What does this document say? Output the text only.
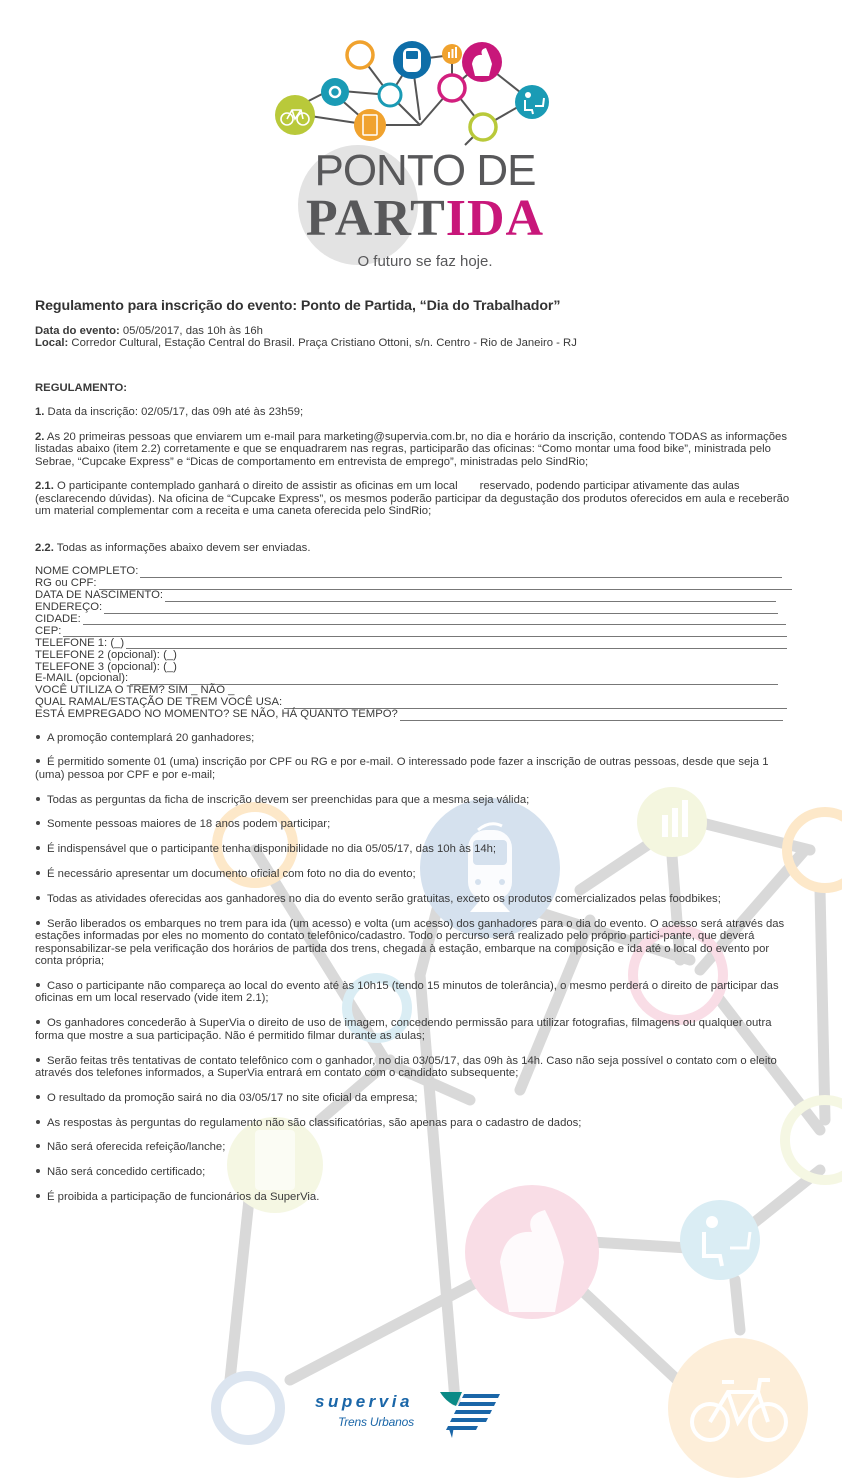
PONTO DE
PARTIDA
O futuro se faz hoje.
Regulamento para inscrição do evento: Ponto de Partida, “Dia do Trabalhador”
Data do evento: 05/05/2017, das 10h às 16h
Local: Corredor Cultural, Estação Central do Brasil. Praça Cristiano Ottoni, s/n. Centro - Rio de Janeiro - RJ
REGULAMENTO:

1. Data da inscrição: 02/05/17, das 09h até às 23h59;

2. As 20 primeiras pessoas que enviarem um e-mail para marketing@supervia.com.br, no dia e horário da inscrição, contendo TODAS as informações listadas abaixo (item 2.2) corretamente e que se enquadrarem nas regras, participarão das oficinas: “Como montar uma food bike”, ministrada pelo Sebrae, “Cupcake Express” e “Dicas de comportamento em entrevista de emprego”, ministradas pelo SindRio;

2.1. O participante contemplado ganhará o direito de assistir as oficinas em um local       reservado, podendo participar ativamente das aulas (esclarecendo dúvidas). Na oficina de “Cupcake Express”, os mesmos poderão participar da degustação dos produtos oferecidos em aula e receberão um material complementar com a receita e uma caneta oferecida pelo SindRio;

2.2. Todas as informações abaixo devem ser enviadas.

NOME COMPLETO:
RG ou CPF:
DATA DE NASCIMENTO:
ENDEREÇO:
CIDADE:
CEP:
TELEFONE 1: (_)
TELEFONE 2 (opcional): (_)
TELEFONE 3 (opcional): (_)
E-MAIL (opcional):
VOCÊ UTILIZA O TREM? SIM _ NÃO _
QUAL RAMAL/ESTAÇÃO DE TREM VOCÊ USA:
ESTÁ EMPREGADO NO MOMENTO? SE NÃO, HÁ QUANTO TEMPO?
A promoção contemplará 20 ganhadores;
É permitido somente 01 (uma) inscrição por CPF ou RG e por e-mail. O interessado pode fazer a inscrição de outras pessoas, desde que seja 1 (uma) pessoa por CPF e por e-mail;
Todas as perguntas da ficha de inscrição devem ser preenchidas para que a mesma seja válida;
Somente pessoas maiores de 18 anos podem participar;
É indispensável que o participante tenha disponibilidade no dia 05/05/17, das 10h às 14h;
É necessário apresentar um documento oficial com foto no dia do evento;
Todas as atividades oferecidas aos ganhadores no dia do evento serão gratuitas, exceto os produtos comercializados pelas foodbikes;
Serão liberados os embarques no trem para ida (um acesso) e volta (um acesso) dos ganhadores para o dia do evento. O acesso será através das estações informadas por eles no momento do contato telefônico/cadastro. Todo o percurso será realizado pelo próprio partici-pante, que deverá responsabilizar-se pela verificação dos horários de partida dos trens, chegada à estação, embarque na composição e ida até o local do evento por conta própria;
Caso o participante não compareça ao local do evento até às 10h15 (tendo 15 minutos de tolerância), o mesmo perderá o direito de participar das oficinas em um local reservado (vide item 2.1);
Os ganhadores concederão à SuperVia o direito de uso de imagem, concedendo permissão para utilizar fotografias, filmagens ou qualquer outra forma que mostre a sua participação. Não é permitido filmar durante as aulas;
Serão feitas três tentativas de contato telefônico com o ganhador, no dia 03/05/17, das 09h às 14h. Caso não seja possível o contato com o eleito através dos telefones informados, a SuperVia entrará em contato com o candidato subsequente;
O resultado da promoção sairá no dia 03/05/17 no site oficial da empresa;
As respostas às perguntas do regulamento não são classificatórias, são apenas para o cadastro de dados;
Não será oferecida refeição/lanche;
Não será concedido certificado;
É proibida a participação de funcionários da SuperVia.
supervia
Trens Urbanos
